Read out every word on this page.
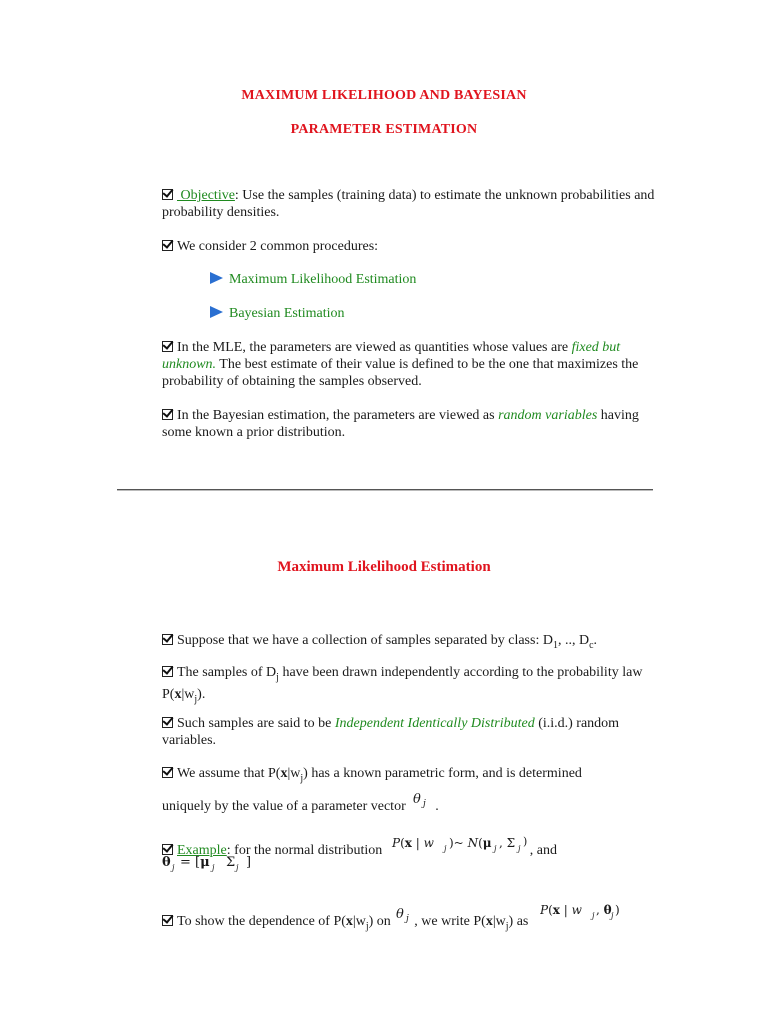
MAXIMUM LIKELIHOOD AND BAYESIAN
PARAMETER ESTIMATION
Objective: Use the samples (training data) to estimate the unknown probabilities and probability densities.
We consider 2 common procedures:
Maximum Likelihood Estimation
Bayesian Estimation
In the MLE, the parameters are viewed as quantities whose values are fixed but unknown. The best estimate of their value is defined to be the one that maximizes the probability of obtaining the samples observed.
In the Bayesian estimation, the parameters are viewed as random variables having some known a prior distribution.
Maximum Likelihood Estimation
Suppose that we have a collection of samples separated by class: $D_1$, .., $D_c$.
The samples of $D_j$ have been drawn independently according to the probability law $P(x|w_j)$.
Such samples are said to be Independent Identically Distributed (i.i.d.) random variables.
We assume that $P(x|w_j)$ has a known parametric form, and is determined
uniquely by the value of a parameter vector θ j .
Example: for the normal distribution P(x | w j )~ N(μ j , Σ j
)
, and
θ j = [μ j Σ j ]
To show the dependence of $P(x|w_j)$ on θ j , we write $P(x|w_j)$ as
P(x | w j , θ j )
